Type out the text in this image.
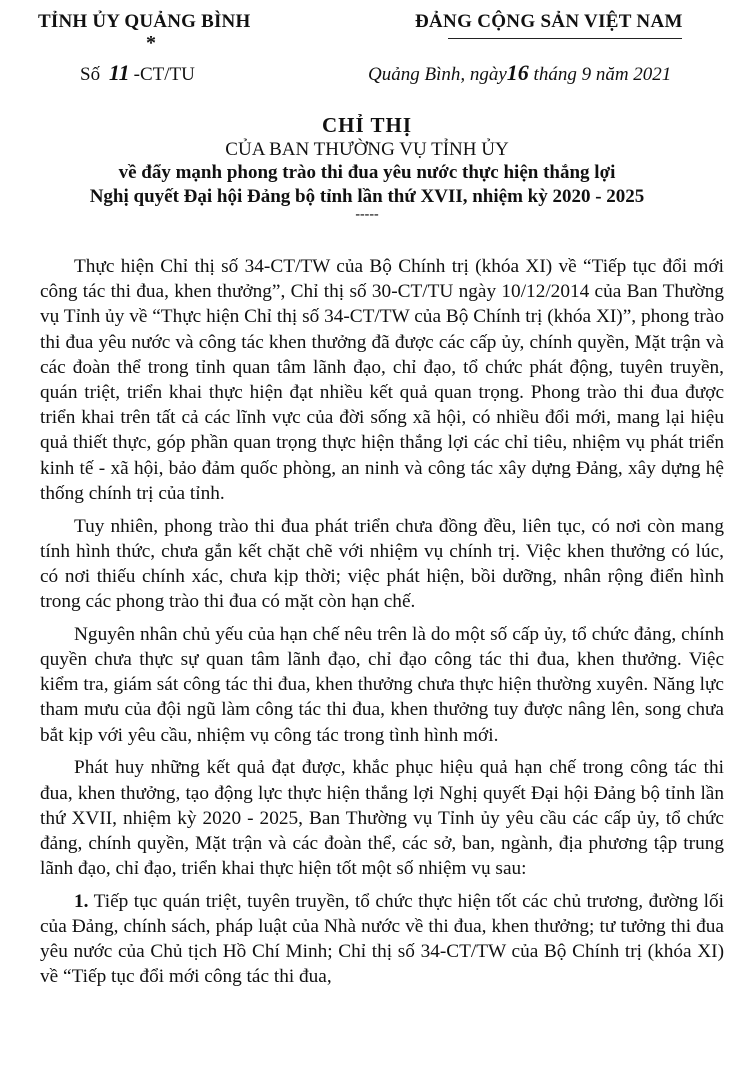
TỈNH ỦY QUẢNG BÌNH
*
Số 11 -CT/TU
ĐẢNG CỘNG SẢN VIỆT NAM
Quảng Bình, ngày16 tháng 9 năm 2021
CHỈ THỊ
CỦA BAN THƯỜNG VỤ TỈNH ỦY
về đẩy mạnh phong trào thi đua yêu nước thực hiện thắng lợi
Nghị quyết Đại hội Đảng bộ tỉnh lần thứ XVII, nhiệm kỳ 2020 - 2025
-----

Thực hiện Chỉ thị số 34-CT/TW của Bộ Chính trị (khóa XI) về “Tiếp tục đổi mới công tác thi đua, khen thưởng”, Chỉ thị số 30-CT/TU ngày 10/12/2014 của Ban Thường vụ Tỉnh ủy về “Thực hiện Chỉ thị số 34-CT/TW của Bộ Chính trị (khóa XI)”, phong trào thi đua yêu nước và công tác khen thưởng đã được các cấp ủy, chính quyền, Mặt trận và các đoàn thể trong tỉnh quan tâm lãnh đạo, chỉ đạo, tổ chức phát động, tuyên truyền, quán triệt, triển khai thực hiện đạt nhiều kết quả quan trọng. Phong trào thi đua được triển khai trên tất cả các lĩnh vực của đời sống xã hội, có nhiều đổi mới, mang lại hiệu quả thiết thực, góp phần quan trọng thực hiện thắng lợi các chỉ tiêu, nhiệm vụ phát triển kinh tế - xã hội, bảo đảm quốc phòng, an ninh và công tác xây dựng Đảng, xây dựng hệ thống chính trị của tỉnh.

Tuy nhiên, phong trào thi đua phát triển chưa đồng đều, liên tục, có nơi còn mang tính hình thức, chưa gắn kết chặt chẽ với nhiệm vụ chính trị. Việc khen thưởng có lúc, có nơi thiếu chính xác, chưa kịp thời; việc phát hiện, bồi dưỡng, nhân rộng điển hình trong các phong trào thi đua có mặt còn hạn chế.

Nguyên nhân chủ yếu của hạn chế nêu trên là do một số cấp ủy, tổ chức đảng, chính quyền chưa thực sự quan tâm lãnh đạo, chỉ đạo công tác thi đua, khen thưởng. Việc kiểm tra, giám sát công tác thi đua, khen thưởng chưa thực hiện thường xuyên. Năng lực tham mưu của đội ngũ làm công tác thi đua, khen thưởng tuy được nâng lên, song chưa bắt kịp với yêu cầu, nhiệm vụ công tác trong tình hình mới.

Phát huy những kết quả đạt được, khắc phục hiệu quả hạn chế trong công tác thi đua, khen thưởng, tạo động lực thực hiện thắng lợi Nghị quyết Đại hội Đảng bộ tỉnh lần thứ XVII, nhiệm kỳ 2020 - 2025, Ban Thường vụ Tỉnh ủy yêu cầu các cấp ủy, tổ chức đảng, chính quyền, Mặt trận và các đoàn thể, các sở, ban, ngành, địa phương tập trung lãnh đạo, chỉ đạo, triển khai thực hiện tốt một số nhiệm vụ sau:

1. Tiếp tục quán triệt, tuyên truyền, tổ chức thực hiện tốt các chủ trương, đường lối của Đảng, chính sách, pháp luật của Nhà nước về thi đua, khen thưởng; tư tưởng thi đua yêu nước của Chủ tịch Hồ Chí Minh; Chỉ thị số 34-CT/TW của Bộ Chính trị (khóa XI) về “Tiếp tục đổi mới công tác thi đua,
